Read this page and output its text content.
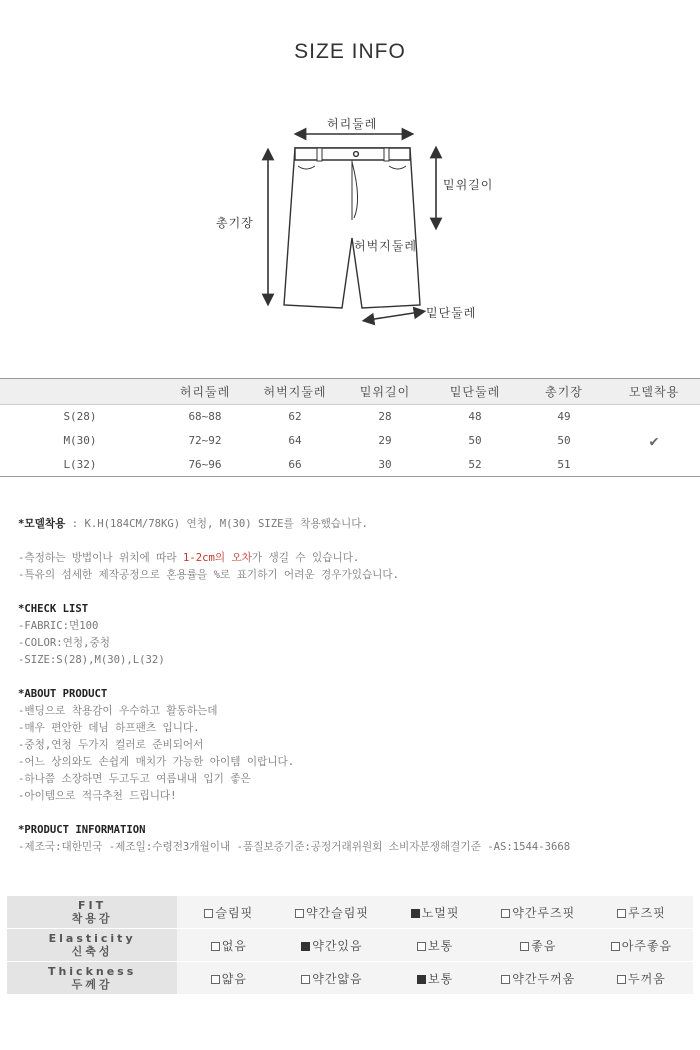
SIZE INFO
허리둘레
밑위길이
총기장
허벅지둘레
밑단둘레
	허리둘레	허벅지둘레	밑위길이	밑단둘레	총기장	모델착용
S(28)	68~88	62	28	48	49	
M(30)	72~92	64	29	50	50	✔
L(32)	76~96	66	30	52	51	
*모델착용 : K.H(184CM/78KG) 연청, M(30) SIZE를 착용했습니다.
-측정하는 방법이나 위치에 따라 1-2cm의 오차가 생길 수 있습니다.
-특유의 섬세한 제작공정으로 혼용률을 %로 표기하기 어려운 경우가있습니다.
*CHECK LIST
-FABRIC:면100
-COLOR:연청,중청
-SIZE:S(28),M(30),L(32)
*ABOUT PRODUCT
-밴딩으로 착용감이 우수하고 활동하는데
-매우 편안한 데님 하프팬츠 입니다.
-중청,연청 두가지 컬러로 준비되어서
-어느 상의와도 손쉽게 매치가 가능한 아이템 이랍니다.
-하나쯤 소장하면 두고두고 여름내내 입기 좋은
-아이템으로 적극추천 드립니다!
*PRODUCT INFORMATION
-제조국:대한민국 -제조일:수령전3개월이내 -품질보증기준:공정거래위원회 소비자분쟁해결기준 -AS:1544-3668
FIT
착용감	슬림핏	약간슬림핏	노멀핏	약간루즈핏	루즈핏

Elasticity
신축성	없음	약간있음	보통	좋음	아주좋음

Thickness
두께감	얇음	약간얇음	보통	약간두꺼움	두꺼움
